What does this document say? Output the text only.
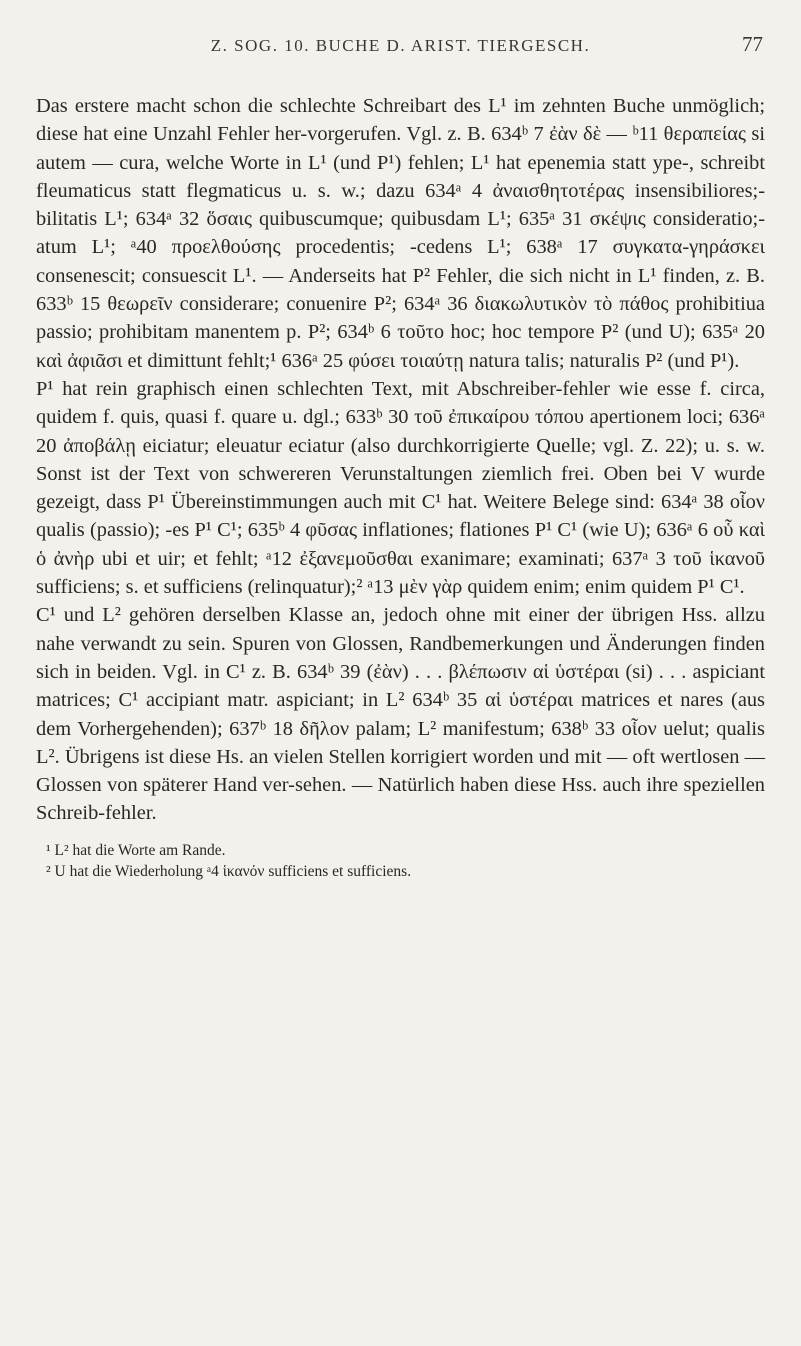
Z. SOG. 10. BUCHE D. ARIST. TIERGESCH.	77

Das erstere macht schon die schlechte Schreibart des L¹ im zehnten Buche unmöglich; diese hat eine Unzahl Fehler her-vorgerufen. Vgl. z. B. 634ᵇ 7 ἐὰν δὲ — ᵇ11 θεραπείας si autem — cura, welche Worte in L¹ (und P¹) fehlen; L¹ hat epenemia statt ype-, schreibt fleumaticus statt flegmaticus u. s. w.; dazu 634ᵃ 4 ἀναισθητοτέρας insensibiliores;-bilitatis L¹; 634ᵃ 32 ὅσαις quibuscumque; quibusdam L¹; 635ᵃ 31 σκέψις consideratio;- atum L¹; ᵃ40 προελθούσης procedentis; -cedens L¹; 638ᵃ 17 συγκατα-γηράσκει consenescit; consuescit L¹. — Anderseits hat P² Fehler, die sich nicht in L¹ finden, z. B. 633ᵇ 15 θεωρεῖν considerare; conuenire P²; 634ᵃ 36 διακωλυτικὸν τὸ πάθος prohibitiua passio; prohibitam manentem p. P²; 634ᵇ 6 τοῦτο hoc; hoc tempore P² (und U); 635ᵃ 20 καὶ ἀφιᾶσι et dimittunt fehlt;¹ 636ᵃ 25 φύσει τοιαύτῃ natura talis; naturalis P² (und P¹).

P¹ hat rein graphisch einen schlechten Text, mit Abschreiber-fehler wie esse f. circa, quidem f. quis, quasi f. quare u. dgl.; 633ᵇ 30 τοῦ ἐπικαίρου τόπου apertionem loci; 636ᵃ 20 ἀποβάλῃ eiciatur; eleuatur eciatur (also durchkorrigierte Quelle; vgl. Z. 22); u. s. w. Sonst ist der Text von schwereren Verunstaltungen ziemlich frei. Oben bei V wurde gezeigt, dass P¹ Übereinstimmungen auch mit C¹ hat. Weitere Belege sind: 634ᵃ 38 οἷον qualis (passio); -es P¹ C¹; 635ᵇ 4 φῦσας inflationes; flationes P¹ C¹ (wie U); 636ᵃ 6 οὗ καὶ ὁ ἀνὴρ ubi et uir; et fehlt; ᵃ12 ἐξανεμοῦσθαι exanimare; examinati; 637ᵃ 3 τοῦ ἱκανοῦ sufficiens; s. et sufficiens (relinquatur);² ᵃ13 μὲν γὰρ quidem enim; enim quidem P¹ C¹.

C¹ und L² gehören derselben Klasse an, jedoch ohne mit einer der übrigen Hss. allzu nahe verwandt zu sein. Spuren von Glossen, Randbemerkungen und Änderungen finden sich in beiden. Vgl. in C¹ z. B. 634ᵇ 39 (ἐὰν) . . . βλέπωσιν αἱ ὑστέραι (si) . . . aspiciant matrices; C¹ accipiant matr. aspiciant; in L² 634ᵇ 35 αἱ ὑστέραι matrices et nares (aus dem Vorhergehenden); 637ᵇ 18 δῆλον palam; L² manifestum; 638ᵇ 33 οἷον uelut; qualis L². Übrigens ist diese Hs. an vielen Stellen korrigiert worden und mit — oft wertlosen — Glossen von späterer Hand ver-sehen. — Natürlich haben diese Hss. auch ihre speziellen Schreib-fehler.

¹ L² hat die Worte am Rande.

² U hat die Wiederholung ᵃ4 ἱκανόν sufficiens et sufficiens.
